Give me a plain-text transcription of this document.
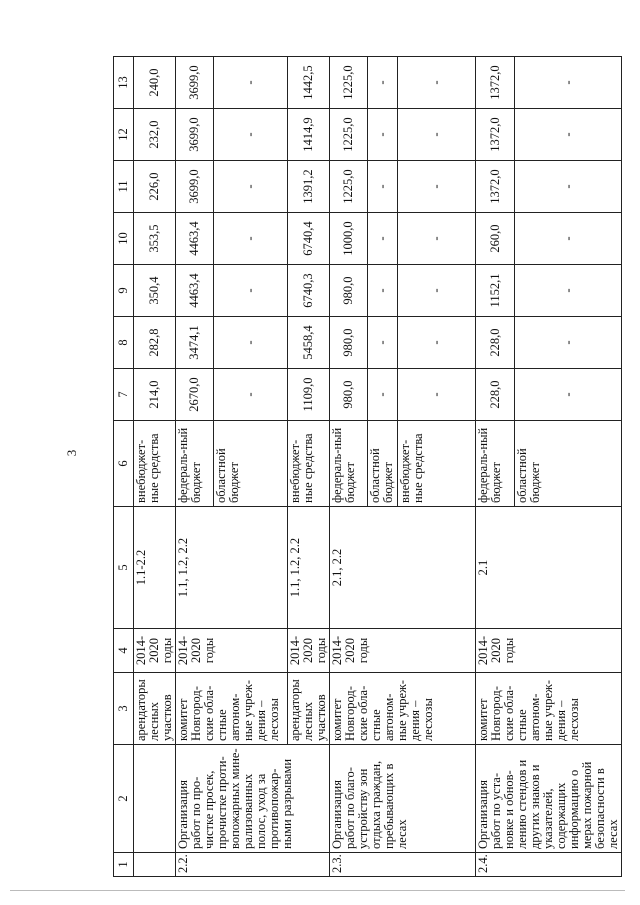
3
1	2	3	4	5	6	7	8	9	10	11	12	13
		арендаторы лесных участков	2014-2020 годы	1.1-2.2	внебюджет-ные средства	214,0	282,8	350,4	353,5	226,0	232,0	240,0
2.2.	Организация работ по про-чистке просек, прочистке проти-вопожарных мине-рализованных полос, уход за противопожар-ными разрывами	комитет Новгород-ские обла-стные автоном-ные учреж-дения – лесхозы	2014-2020 годы	1.1, 1.2, 2.2	федераль-ный бюджет	2670,0	3474,1	4463,4	4463,4	3699,0	3699,0	3699,0
					областной бюджет	-	-	-	-	-	-	-
		арендаторы лесных участков	2014-2020 годы	1.1, 1.2, 2.2	внебюджет-ные средства	1109,0	5458,4	6740,3	6740,4	1391,2	1414,9	1442,5
2.3.	Организация работ по благо-устройству зон отдыха граждан, пребывающих в лесах	комитет Новгород-ские обла-стные автоном-ные учреж-дения – лесхозы	2014-2020 годы	2.1, 2.2	федераль-ный бюджет	980,0	980,0	980,0	1000,0	1225,0	1225,0	1225,0
					областной бюджет	-	-	-	-	-	-	-
					внебюджет-ные средства	-	-	-	-	-	-	-
2.4.	Организация работ по уста-новке и обнов-лению стендов и других знаков и указателей, содержащих информацию о мерах пожарной безопасности в лесах	комитет Новгород-ские обла-стные автоном-ные учреж-дения – лесхозы	2014-2020 годы	2.1	федераль-ный бюджет	228,0	228,0	1152,1	260,0	1372,0	1372,0	1372,0
					областной бюджет	-	-	-	-	-	-	-
